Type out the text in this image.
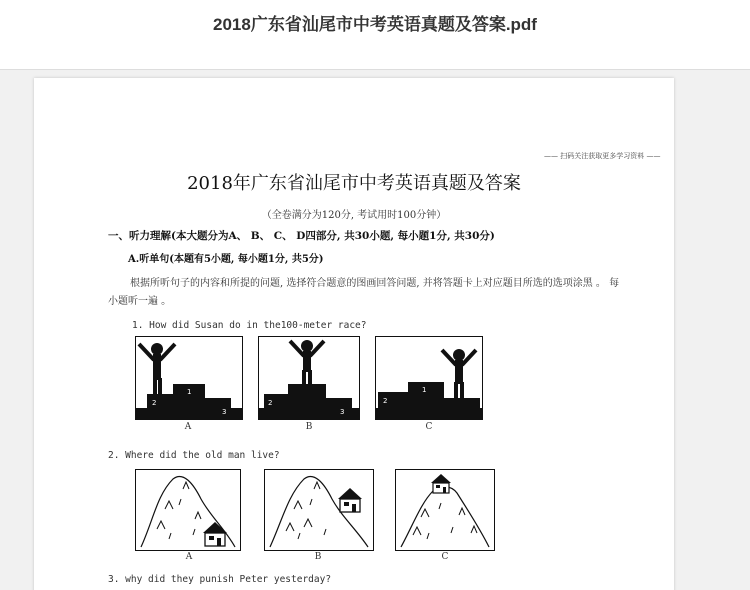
2018广东省汕尾市中考英语真题及答案.pdf
—— 扫码关注获取更多学习资料 ——
2018年广东省汕尾市中考英语真题及答案
（全卷满分为120分, 考试用时100分钟）
一、听力理解(本大题分为A、 B、 C、 D四部分, 共30小题, 每小题1分, 共30分)
A.听单句(本题有5小题, 每小题1分, 共5分)
根据所听句子的内容和所提的问题, 选择符合题意的图画回答问题, 并将答题卡上对应题目所选的选项涂黑 。 每小题听一遍 。
1. How did Susan do in the100-meter race?
2
1
3
A
2
3
B
2
1
C
2. Where did the old man live?
A	B	C
3. why did they punish Peter yesterday?
